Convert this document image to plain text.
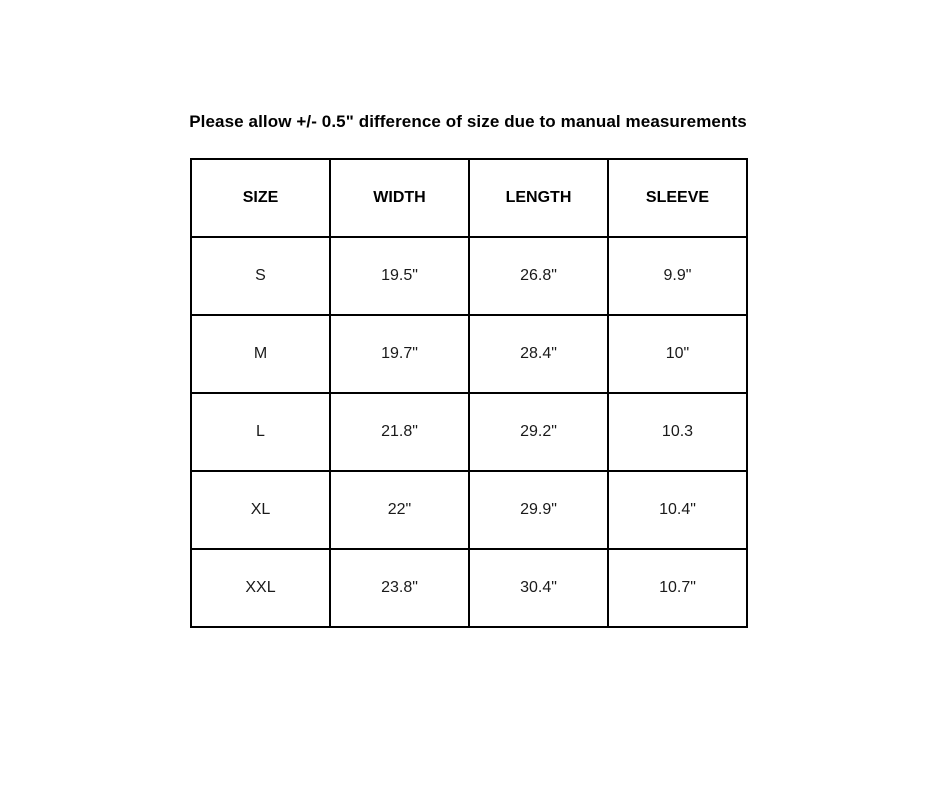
Please allow +/- 0.5" difference of size due to manual measurements
SIZE	WIDTH	LENGTH	SLEEVE
S	19.5"	26.8"	9.9"
M	19.7"	28.4"	10"
L	21.8"	29.2"	10.3
XL	22"	29.9"	10.4"
XXL	23.8"	30.4"	10.7"
